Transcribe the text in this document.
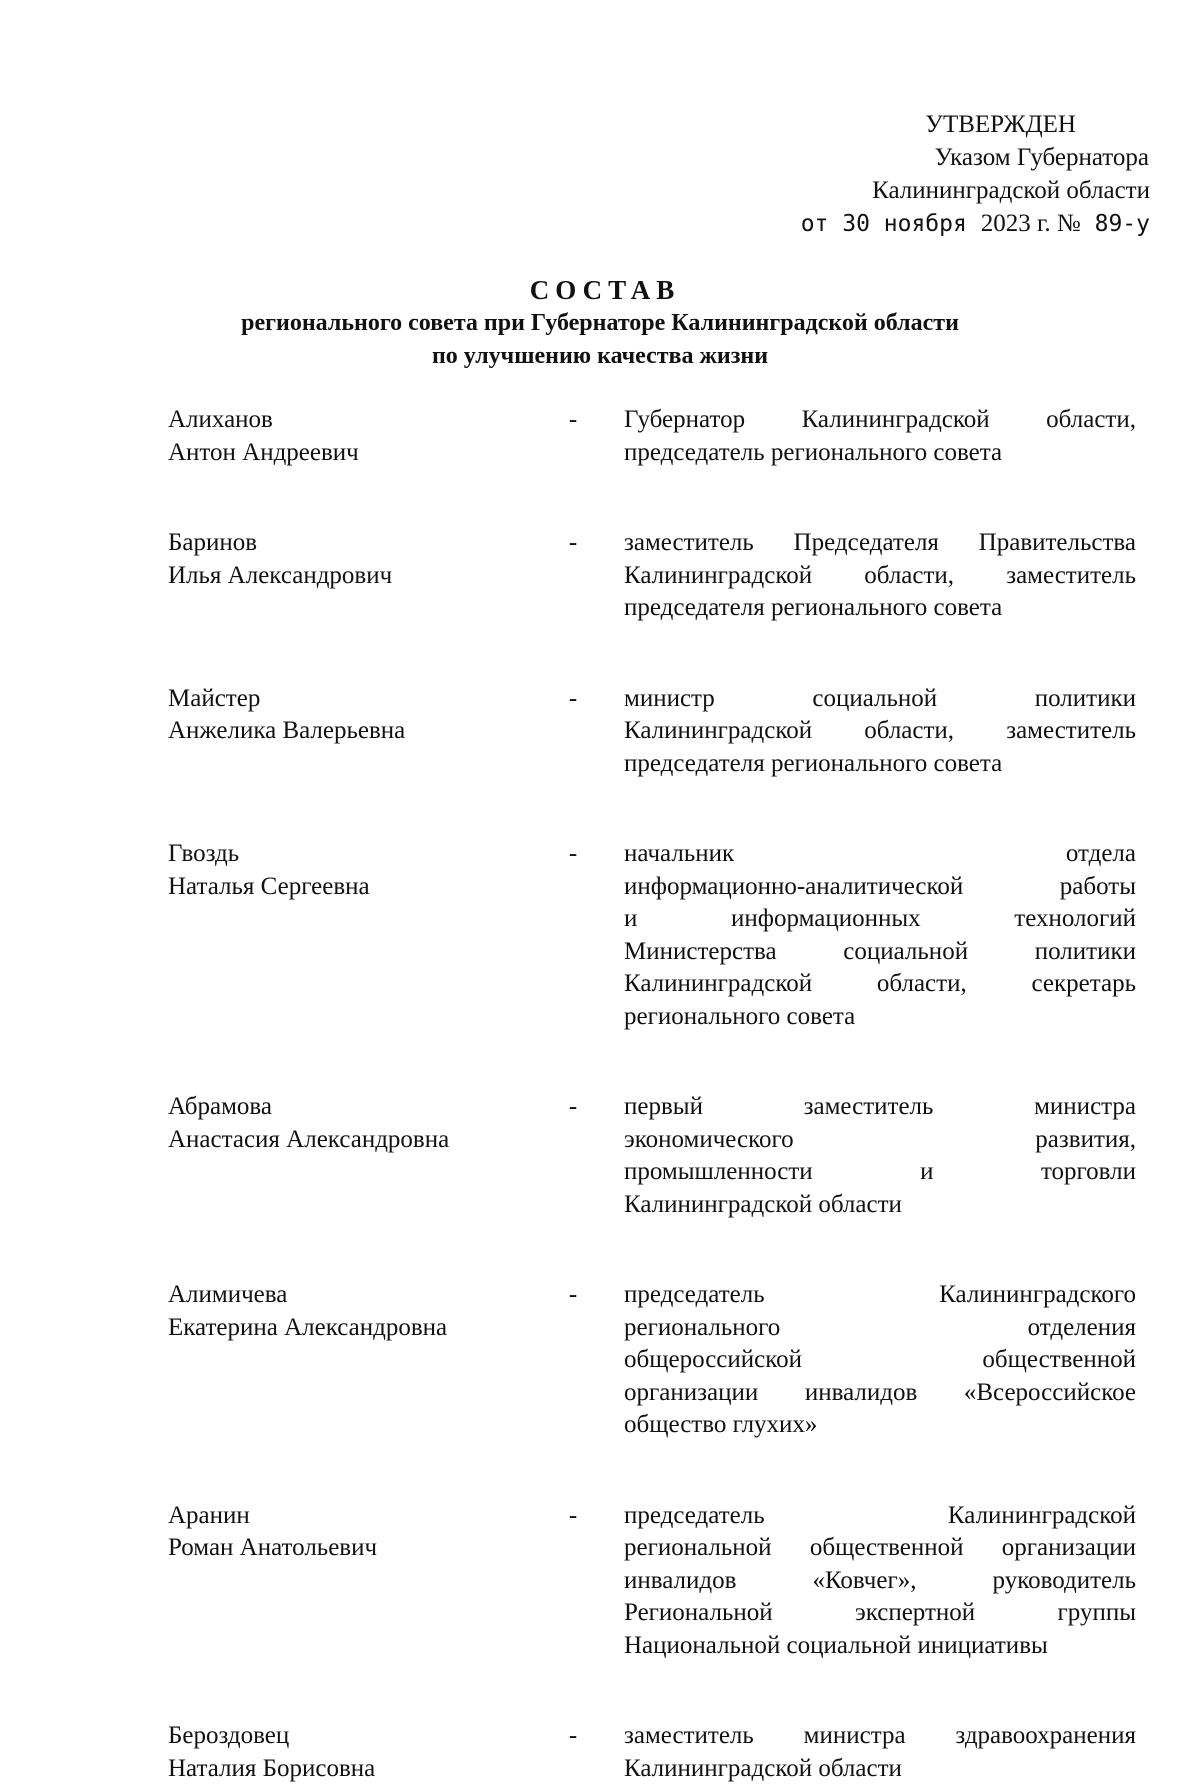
УТВЕРЖДЕН
Указом Губернатора
Калининградской области
от 30 ноября 2023 г. № 89-у
СОСТАВ
регионального совета при Губернаторе Калининградской области
по улучшению качества жизни
Алиханов
Антон Андреевич
-	Губернатор Калининградской области,
председатель регионального совета
Баринов
Илья Александрович
-	заместитель Председателя Правительства
Калининградской области, заместитель
председателя регионального совета
Майстер
Анжелика Валерьевна
-	министр социальной политики
Калининградской области, заместитель
председателя регионального совета
Гвоздь
Наталья Сергеевна
-	начальник отдела
информационно-аналитической работы
и информационных технологий
Министерства социальной политики
Калининградской области, секретарь
регионального совета
Абрамова
Анастасия Александровна
-	первый заместитель министра
экономического развития,
промышленности и торговли
Калининградской области
Алимичева
Екатерина Александровна
-	председатель Калининградского
регионального отделения
общероссийской общественной
организации инвалидов «Всероссийское
общество глухих»
Аранин
Роман Анатольевич
-	председатель Калининградской
региональной общественной организации
инвалидов «Ковчег», руководитель
Региональной экспертной группы
Национальной социальной инициативы
Бероздовец
Наталия Борисовна
-	заместитель министра здравоохранения
Калининградской области
